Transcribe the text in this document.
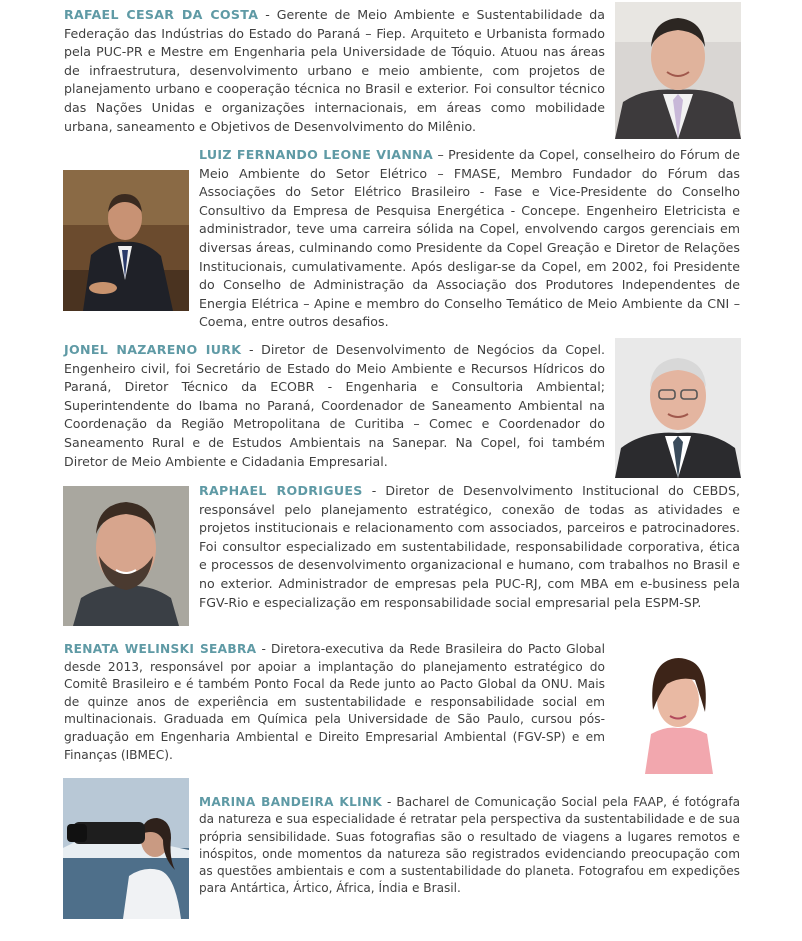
RAFAEL CESAR DA COSTA - Gerente de Meio Ambiente e Sustentabilidade da Federação das Indústrias do Estado do Paraná – Fiep. Arquiteto e Urbanista formado pela PUC-PR e Mestre em Engenharia pela Universidade de Tóquio. Atuou nas áreas de infraestrutura, desenvolvimento urbano e meio ambiente, com projetos de planejamento urbano e cooperação técnica no Brasil e exterior. Foi consultor técnico das Nações Unidas e organizações internacionais, em áreas como mobilidade urbana, saneamento e Objetivos de Desenvolvimento do Milênio.
LUIZ FERNANDO LEONE VIANNA – Presidente da Copel, conselheiro do Fórum de Meio Ambiente do Setor Elétrico – FMASE, Membro Fundador do Fórum das Associações do Setor Elétrico Brasileiro - Fase e Vice-Presidente do Conselho Consultivo da Empresa de Pesquisa Energética - Concepe. Engenheiro Eletricista e administrador, teve uma carreira sólida na Copel, envolvendo cargos gerenciais em diversas áreas, culminando como Presidente da Copel Greação e Diretor de Relações Institucionais, cumulativamente. Após desligar-se da Copel, em 2002, foi Presidente do Conselho de Administração da Associação dos Produtores Independentes de Energia Elétrica – Apine e membro do Conselho Temático de Meio Ambiente da CNI – Coema, entre outros desafios.
JONEL NAZARENO IURK - Diretor de Desenvolvimento de Negócios da Copel. Engenheiro civil, foi Secretário de Estado do Meio Ambiente e Recursos Hídricos do Paraná, Diretor Técnico da ECOBR - Engenharia e Consultoria Ambiental; Superintendente do Ibama no Paraná, Coordenador de Saneamento Ambiental na Coordenação da Região Metropolitana de Curitiba – Comec e Coordenador do Saneamento Rural e de Estudos Ambientais na Sanepar. Na Copel, foi também Diretor de Meio Ambiente e Cidadania Empresarial.
RAPHAEL RODRIGUES - Diretor de Desenvolvimento Institucional do CEBDS, responsável pelo planejamento estratégico, conexão de todas as atividades e projetos institucionais e relacionamento com associados, parceiros e patrocinadores. Foi consultor especializado em sustentabilidade, responsabilidade corporativa, ética e processos de desenvolvimento organizacional e humano, com trabalhos no Brasil e no exterior. Administrador de empresas pela PUC-RJ, com MBA em e-business pela FGV-Rio e especialização em responsabilidade social empresarial pela ESPM-SP.
RENATA WELINSKI SEABRA - Diretora-executiva da Rede Brasileira do Pacto Global desde 2013, responsável por apoiar a implantação do planejamento estratégico do Comitê Brasileiro e é também Ponto Focal da Rede junto ao Pacto Global da ONU. Mais de quinze anos de experiência em sustentabilidade e responsabilidade social em multinacionais. Graduada em Química pela Universidade de São Paulo, cursou pós-graduação em Engenharia Ambiental e Direito Empresarial Ambiental (FGV-SP) e em Finanças (IBMEC).
MARINA BANDEIRA KLINK - Bacharel de Comunicação Social pela FAAP, é fotógrafa da natureza e sua especialidade é retratar pela perspectiva da sustentabilidade e de sua própria sensibilidade. Suas fotografias são o resultado de viagens a lugares remotos e inóspitos, onde momentos da natureza são registrados evidenciando preocupação com as questões ambientais e com a sustentabilidade do planeta. Fotografou em expedições para Antártica, Ártico, África, Índia e Brasil.
